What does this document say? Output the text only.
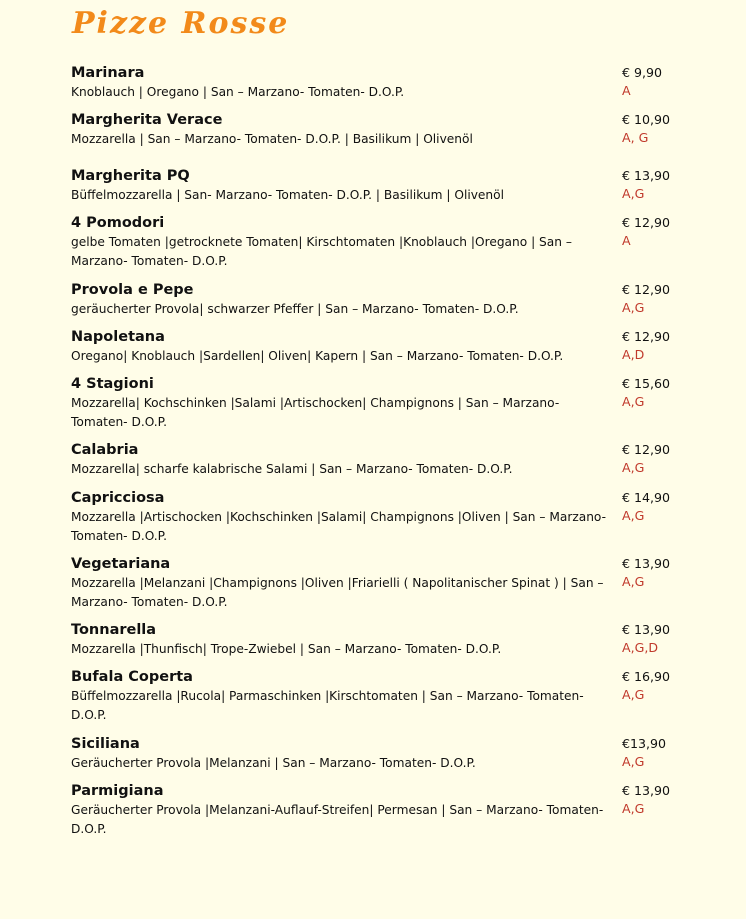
Pizze Rosse
Marinara
Knoblauch | Oregano | San – Marzano- Tomaten- D.O.P.
€ 9,90
A
Margherita Verace
Mozzarella | San – Marzano- Tomaten- D.O.P. | Basilikum | Olivenöl
€ 10,90
A, G
Margherita PQ
Büffelmozzarella | San- Marzano- Tomaten- D.O.P. | Basilikum | Olivenöl
€ 13,90
A,G
4 Pomodori
gelbe Tomaten |getrocknete Tomaten| Kirschtomaten |Knoblauch |Oregano | San – Marzano- Tomaten- D.O.P.
€ 12,90
A
Provola e Pepe
geräucherter Provola| schwarzer Pfeffer | San – Marzano- Tomaten- D.O.P.
€ 12,90
A,G
Napoletana
Oregano| Knoblauch |Sardellen| Oliven| Kapern | San – Marzano- Tomaten- D.O.P.
€ 12,90
A,D
4 Stagioni
Mozzarella| Kochschinken |Salami |Artischocken| Champignons | San – Marzano- Tomaten- D.O.P.
€ 15,60
A,G
Calabria
Mozzarella| scharfe kalabrische Salami | San – Marzano- Tomaten- D.O.P.
€ 12,90
A,G
Capricciosa
Mozzarella |Artischocken |Kochschinken |Salami| Champignons |Oliven | San – Marzano- Tomaten- D.O.P.
€ 14,90
A,G
Vegetariana
Mozzarella |Melanzani |Champignons |Oliven |Friarielli ( Napolitanischer Spinat ) | San – Marzano- Tomaten- D.O.P.
€ 13,90
A,G
Tonnarella
Mozzarella |Thunfisch| Trope-Zwiebel | San – Marzano- Tomaten- D.O.P.
€ 13,90
A,G,D
Bufala Coperta
Büffelmozzarella |Rucola| Parmaschinken |Kirschtomaten | San – Marzano- Tomaten- D.O.P.
€ 16,90
A,G
Siciliana
Geräucherter Provola |Melanzani | San – Marzano- Tomaten- D.O.P.
€13,90
A,G
Parmigiana
Geräucherter Provola |Melanzani-Auflauf-Streifen| Permesan | San – Marzano- Tomaten- D.O.P.
€ 13,90
A,G
